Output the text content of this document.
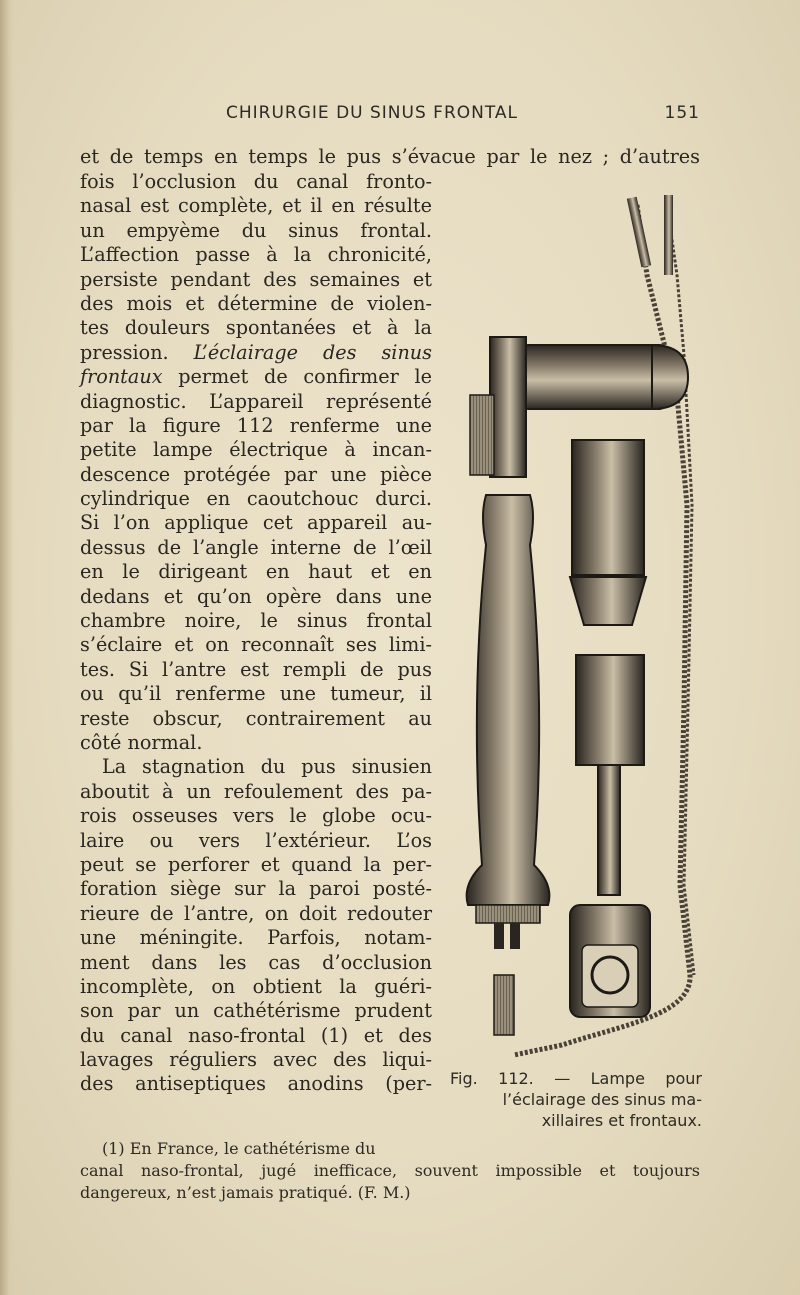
CHIRURGIE DU SINUS FRONTAL	151
et de temps en temps le pus s’évacue par le nez ; d’autres
fois l’occlusion du canal fronto-
nasal est complète, et il en résulte
un empyème du sinus frontal.
L’affection passe à la chronicité,
persiste pendant des semaines et
des mois et détermine de violen-
tes douleurs spontanées et à la
pression. L’éclairage des sinus
frontaux permet de confirmer le
diagnostic. L’appareil représenté
par la figure 112 renferme une
petite lampe électrique à incan-
descence protégée par une pièce
cylindrique en caoutchouc durci.
Si l’on applique cet appareil au-
dessus de l’angle interne de l’œil
en le dirigeant en haut et en
dedans et qu’on opère dans une
chambre noire, le sinus frontal
s’éclaire et on reconnaît ses limi-
tes. Si l’antre est rempli de pus
ou qu’il renferme une tumeur, il
reste obscur, contrairement au
côté normal.
La stagnation du pus sinusien
aboutit à un refoulement des pa-
rois osseuses vers le globe ocu-
laire ou vers l’extérieur. L’os
peut se perforer et quand la per-
foration siège sur la paroi posté-
rieure de l’antre, on doit redouter
une méningite. Parfois, notam-
ment dans les cas d’occlusion
incomplète, on obtient la guéri-
son par un cathétérisme prudent
du canal naso-frontal (1) et des
lavages réguliers avec des liqui-
des antiseptiques anodins (per- Fig. 112. — Lampe pour
l’éclairage des sinus ma-
xillaires et frontaux.
(1) En France, le cathétérisme du
canal naso-frontal, jugé inefficace, souvent impossible et toujours
dangereux, n’est jamais pratiqué. (F. M.)
